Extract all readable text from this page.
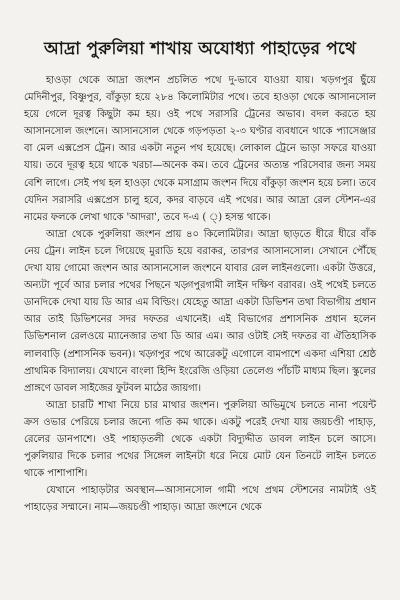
আদ্রা পুরুলিয়া শাখায় অযোধ্যা পাহাড়ের পথে

হাওড়া থেকে আদ্রা জংশন প্রচলিত পথে দু-ভাবে যাওয়া যায়। খড়গপুর ছুঁয়ে মেদিনীপুর, বিষ্ণুপুর, বাঁকুড়া হয়ে ২৮৪ কিলোমিটার পথে। তবে হাওড়া থেকে আসানসোল হয়ে গেলে দূরত্ব কিছুটা কম হয়। ওই পথে সরাসরি ট্রেনের অভাব। বদল করতে হয় আসানসোল জংশনে। আসানসোল থেকে গড়পড়তা ২-৩ ঘণ্টার ব্যবধানে থাকে প্যাসেঞ্জার বা মেল এক্সপ্রেস ট্রেন। আর একটা নতুন পথ হয়েছে। লোকাল ট্রেনে ভাড়া সফরে যাওয়া যায়। তবে দূরত্ব হয়ে থাকে খরচা—অনেক কম। তবে ট্রেনের অত্যন্ত পরিসেবার জন্য সময় বেশি লাগে। সেই পথ হল হাওড়া থেকে মসাগ্রাম জংশন দিয়ে বাঁকুড়া জংশন হয়ে চলা। তবে যেদিন সরাসরি এক্সপ্রেস চালু হবে, কদর বাড়বে এই পথের। আর আদ্রা রেল স্টেশন-এর নামের ফলকে লেখা থাকে 'আদরা', তবে দ-এ ( ্) হসন্ত থাকে।

আদ্রা থেকে পুরুলিয়া জংশন প্রায় ৪০ কিলোমিটার। আদ্রা ছাড়তে ধীরে ধীরে বাঁক নেয় ট্রেন। লাইন চলে গিয়েছে মুরাডি হয়ে বরাকর, তারপর আসানসোল। সেখানে পৌঁছে দেখা যায় গোমো জংশন আর আসানসোল জংশনে যাবার রেল লাইনগুলো। একটা উত্তরে, অন্যটা পূর্বে আর চলার পথের পিছনে খড়্গপুরগামী লাইন দক্ষিণ বরাবর। ওই পথেই চলতে ডানদিকে দেখা যায় ডি আর এম বিল্ডিং। যেহেতু আদ্রা একটা ডিভিশন তথা বিভাগীয় প্রধান আর তাই ডিভিশনের সদর দফতর এখানেই। এই বিভাগের প্রশাসনিক প্রধান হলেন ডিভিশনাল রেলওয়ে ম্যানেজার তথা ডি আর এম। আর ওটাই সেই দফতর বা ঐতিহাসিক লালবাড়ি (প্রশাসনিক ভবন)। খড়্গপুর পথে আরেকটু এগোলে বামপাশে একদা এশিয়া শ্রেষ্ঠ প্রাথমিক বিদ্যালয়। যেখানে বাংলা হিন্দি ইংরেজি ওড়িয়া তেলেগু পাঁচটি মাধ্যম ছিল। স্কুলের প্রাঙ্গণে ডাবল সাইজের ফুটবল মাঠের জায়গা।

আদ্রা চারটি শাখা নিয়ে চার মাথার জংশন। পুরুলিয়া অভিমুখে চলতে নানা পয়েন্ট ক্রস ওভার পেরিয়ে চলার জন্যে গতি কম থাকে। একটু পরেই দেখা যায় জয়চণ্ডী পাহাড়, রেলের ডানপাশে। ওই পাহাড়তলী থেকে একটা বিদ্যুদ্দীত ডাবল লাইন চলে আসে। পুরুলিয়ার দিকে চলার পথের সিঙ্গেল লাইনটা ধরে নিয়ে মোট যেন তিনটে লাইন চলতে থাকে পাশাপাশি।

যেখানে পাহাড়টার অবস্থান—আসানসোল গামী পথে প্রথম স্টেশনের নামটাই ওই পাহাড়ের সম্মানে। নাম—জয়চণ্ডী পাহাড়। আদ্রা জংশনে থেকে
